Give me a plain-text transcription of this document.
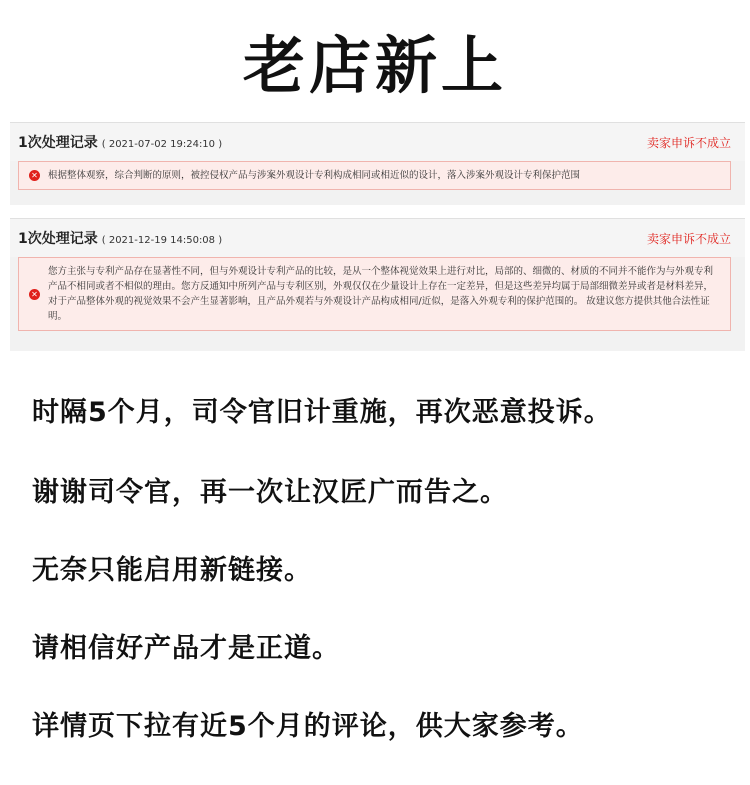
老店新上
1次处理记录 ( 2021-07-02 19:24:10 )	卖家申诉不成立
✕ 根据整体观察，综合判断的原则，被控侵权产品与涉案外观设计专利构成相同或相近似的设计，落入涉案外观设计专利保护范围
1次处理记录 ( 2021-12-19 14:50:08 )	卖家申诉不成立
✕
您方主张与专利产品存在显著性不同，但与外观设计专利产品的比较，是从一个整体视觉效果上进行对比，局部的、细微的、材质的不同并不能作为与外观专利产品不相同或者不相似的理由。您方反通知中所列产品与专利区别，外观仅仅在少量设计上存在一定差异，但是这些差异均属于局部细微差异或者是材料差异，对于产品整体外观的视觉效果不会产生显著影响，且产品外观若与外观设计产品构成相同/近似，是落入外观专利的保护范围的。 故建议您方提供其他合法性证明。
时隔5个月，司令官旧计重施，再次恶意投诉。
谢谢司令官，再一次让汉匠广而告之。
无奈只能启用新链接。
请相信好产品才是正道。
详情页下拉有近5个月的评论，供大家参考。
